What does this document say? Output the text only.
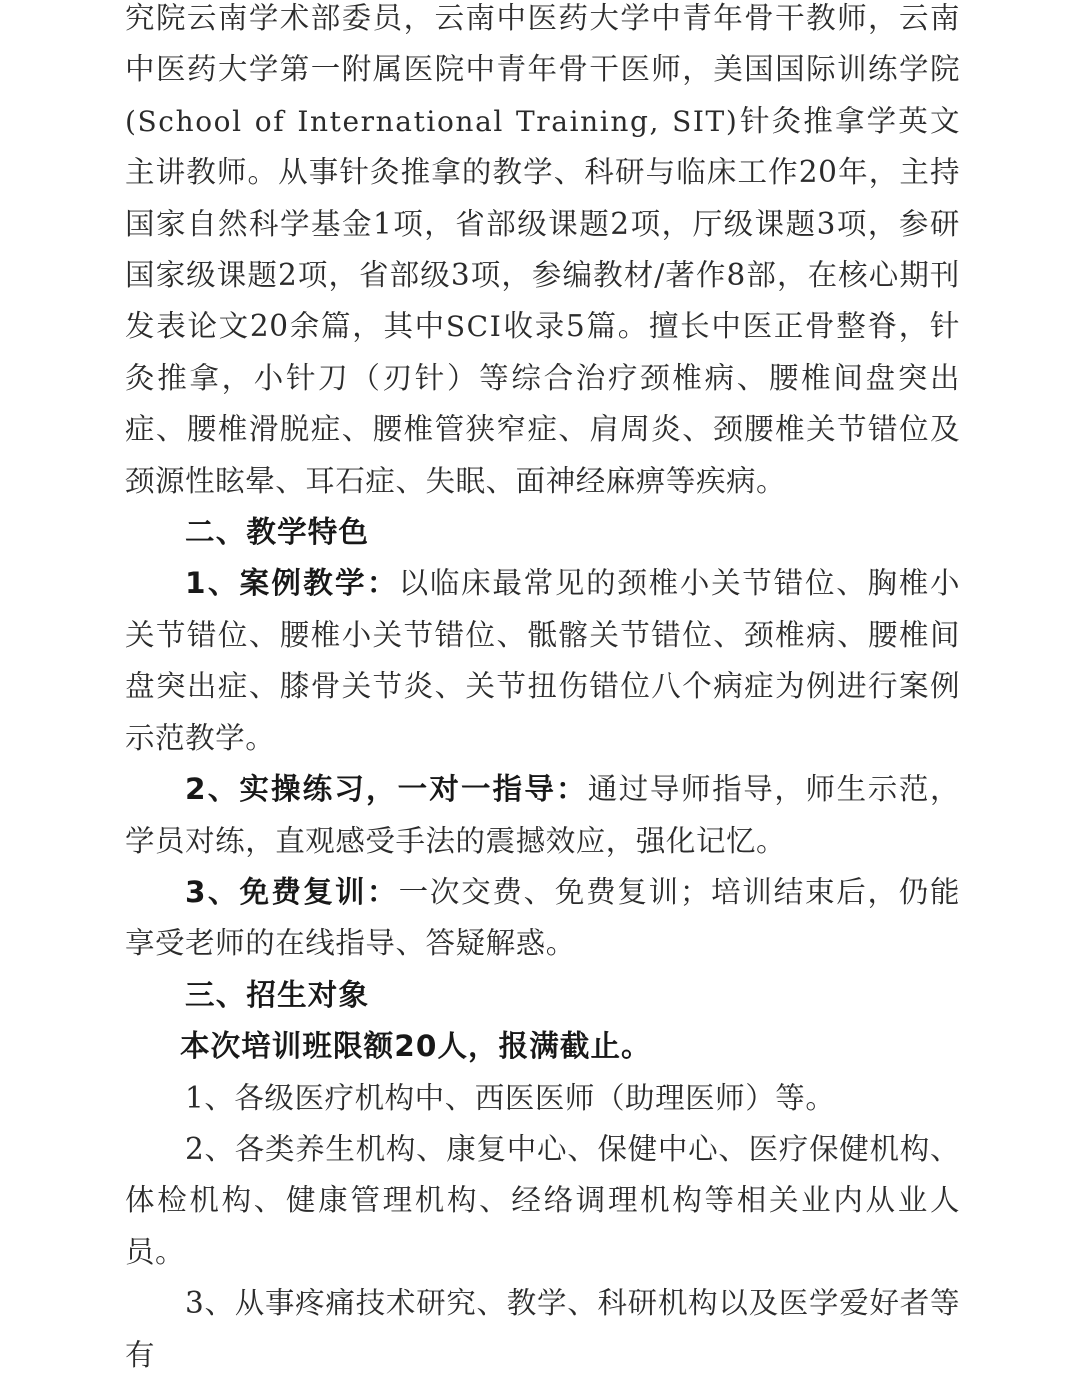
究院云南学术部委员，云南中医药大学中青年骨干教师，云南中医药大学第一附属医院中青年骨干医师，美国国际训练学院(School of International Training, SIT)针灸推拿学英文主讲教师。从事针灸推拿的教学、科研与临床工作20年，主持国家自然科学基金1项，省部级课题2项，厅级课题3项，参研国家级课题2项，省部级3项，参编教材/著作8部，在核心期刊发表论文20余篇，其中SCI收录5篇。擅长中医正骨整脊，针灸推拿，小针刀（刃针）等综合治疗颈椎病、腰椎间盘突出症、腰椎滑脱症、腰椎管狭窄症、肩周炎、颈腰椎关节错位及颈源性眩晕、耳石症、失眠、面神经麻痹等疾病。

二、教学特色

1、案例教学：以临床最常见的颈椎小关节错位、胸椎小关节错位、腰椎小关节错位、骶髂关节错位、颈椎病、腰椎间盘突出症、膝骨关节炎、关节扭伤错位八个病症为例进行案例示范教学。

2、实操练习，一对一指导：通过导师指导，师生示范，学员对练，直观感受手法的震撼效应，强化记忆。

3、免费复训：一次交费、免费复训；培训结束后，仍能享受老师的在线指导、答疑解惑。

三、招生对象

本次培训班限额20人，报满截止。

1、各级医疗机构中、西医医师（助理医师）等。

2、各类养生机构、康复中心、保健中心、医疗保健机构、体检机构、健康管理机构、经络调理机构等相关业内从业人员。

3、从事疼痛技术研究、教学、科研机构以及医学爱好者等有
